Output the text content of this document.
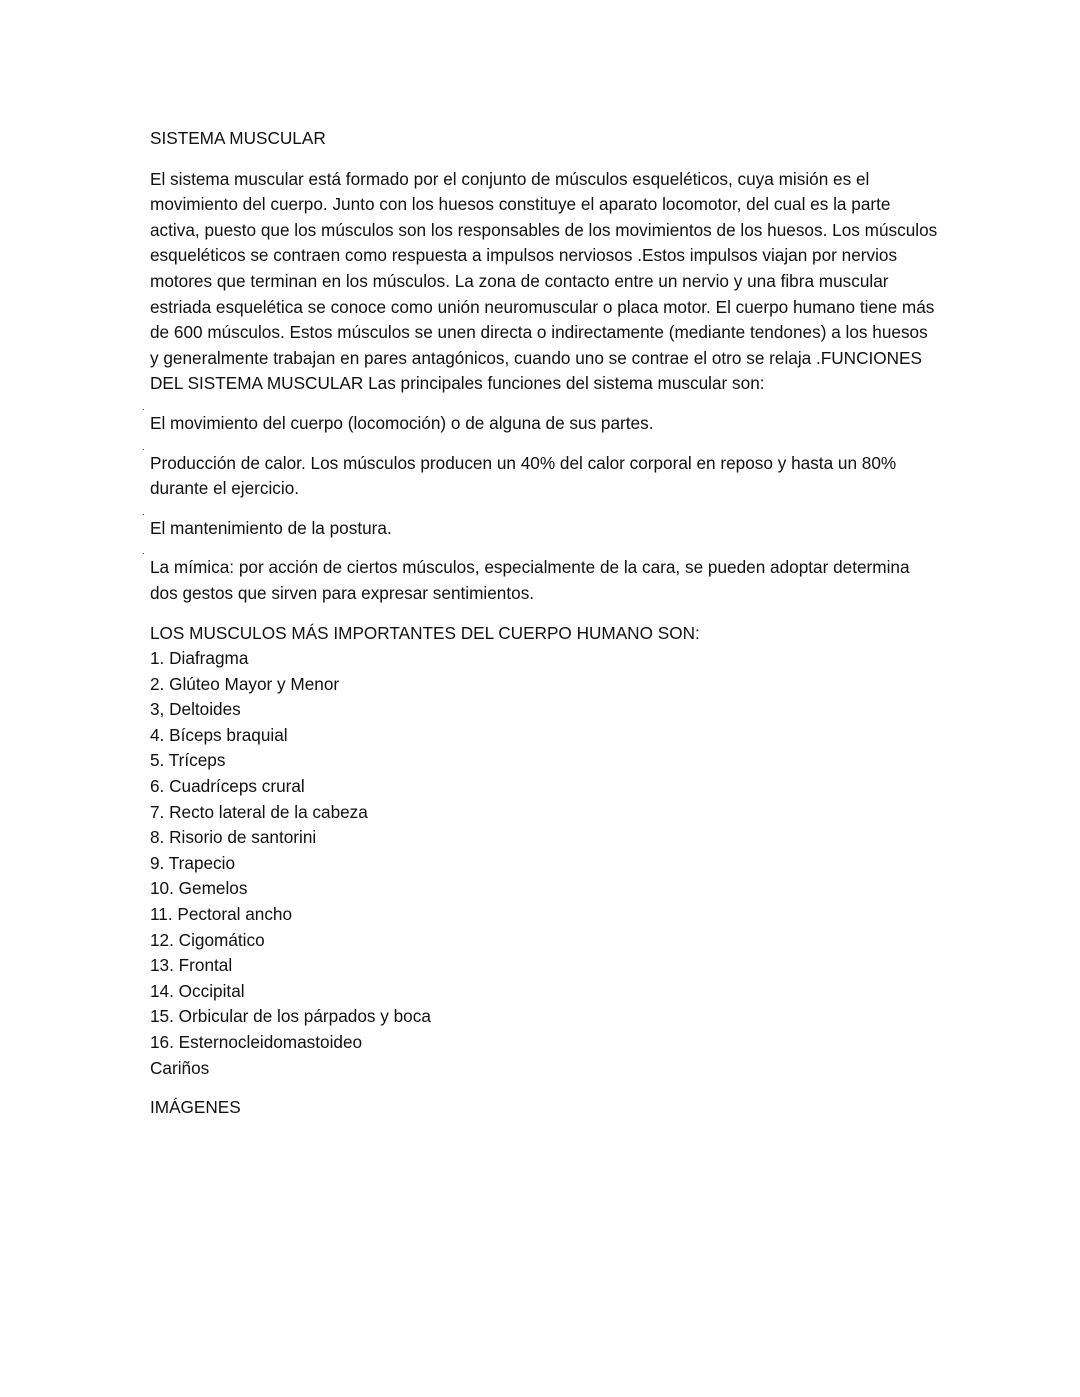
SISTEMA MUSCULAR

El sistema muscular está formado por el conjunto de músculos esqueléticos, cuya misión es el movimiento del cuerpo. Junto con los huesos constituye el aparato locomotor, del cual es la parte activa, puesto que los músculos son los responsables de los movimientos de los huesos. Los músculos esqueléticos se contraen como respuesta a impulsos nerviosos .Estos impulsos viajan por nervios motores que terminan en los músculos. La zona de contacto entre un nervio y una fibra muscular estriada esquelética se conoce como unión neuromuscular o placa motor. El cuerpo humano tiene más de 600 músculos. Estos músculos se unen directa o indirectamente (mediante tendones) a los huesos y generalmente trabajan en pares antagónicos, cuando uno se contrae el otro se relaja .FUNCIONES DEL SISTEMA MUSCULAR Las principales funciones del sistema muscular son:

˙ El movimiento del cuerpo (locomoción) o de alguna de sus partes.
˙ Producción de calor. Los músculos producen un 40% del calor corporal en reposo y hasta un 80% durante el ejercicio.
˙ El mantenimiento de la postura.
˙ La mímica: por acción de ciertos músculos, especialmente de la cara, se pueden adoptar determina dos gestos que sirven para expresar sentimientos.
LOS MUSCULOS MÁS IMPORTANTES DEL CUERPO HUMANO SON:
1. Diafragma
2. Glúteo Mayor y Menor
3, Deltoides
4. Bíceps braquial
5. Tríceps
6. Cuadríceps crural
7. Recto lateral de la cabeza
8. Risorio de santorini
9. Trapecio
10. Gemelos
11. Pectoral ancho
12. Cigomático
13. Frontal
14. Occipital
15. Orbicular de los párpados y boca
16. Esternocleidomastoideo

Cariños

IMÁGENES
